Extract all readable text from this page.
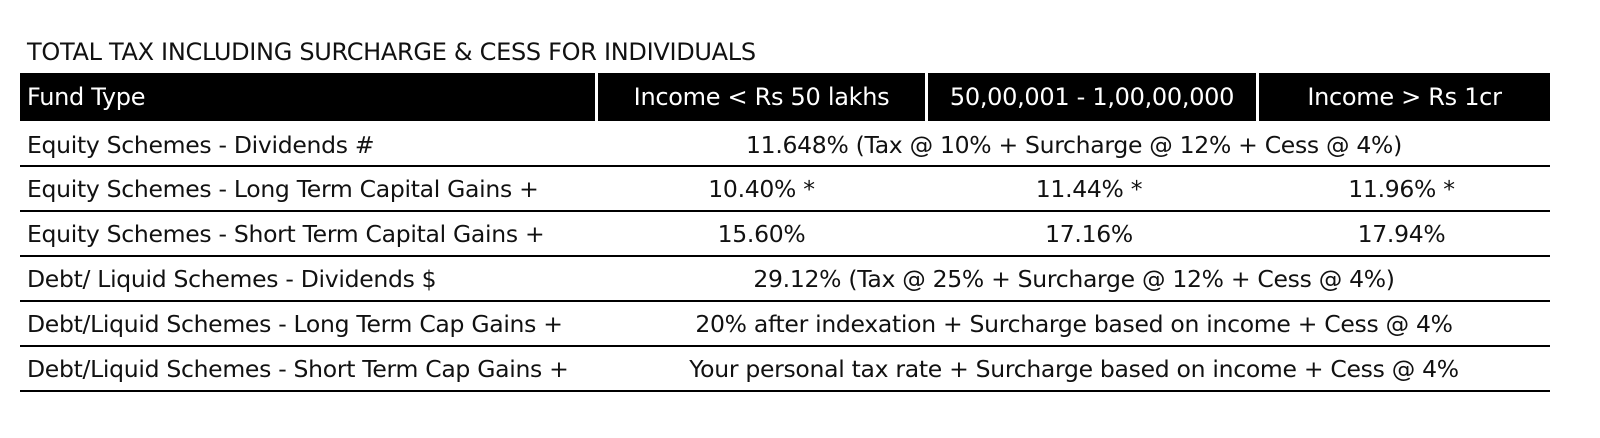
TOTAL TAX INCLUDING SURCHARGE & CESS FOR INDIVIDUALS
Fund Type	Income < Rs 50 lakhs	50,00,001 - 1,00,00,000	Income > Rs 1cr
Equity Schemes - Dividends #	11.648% (Tax @ 10% + Surcharge @ 12% + Cess @ 4%)
Equity Schemes - Long Term Capital Gains +	10.40% *	11.44% *	11.96% *
Equity Schemes - Short Term Capital Gains +	15.60%	17.16%	17.94%
Debt/ Liquid Schemes - Dividends $	29.12% (Tax @ 25% + Surcharge @ 12% + Cess @ 4%)
Debt/Liquid Schemes - Long Term Cap Gains +	20% after indexation + Surcharge based on income + Cess @ 4%
Debt/Liquid Schemes - Short Term Cap Gains +	Your personal tax rate + Surcharge based on income + Cess @ 4%
